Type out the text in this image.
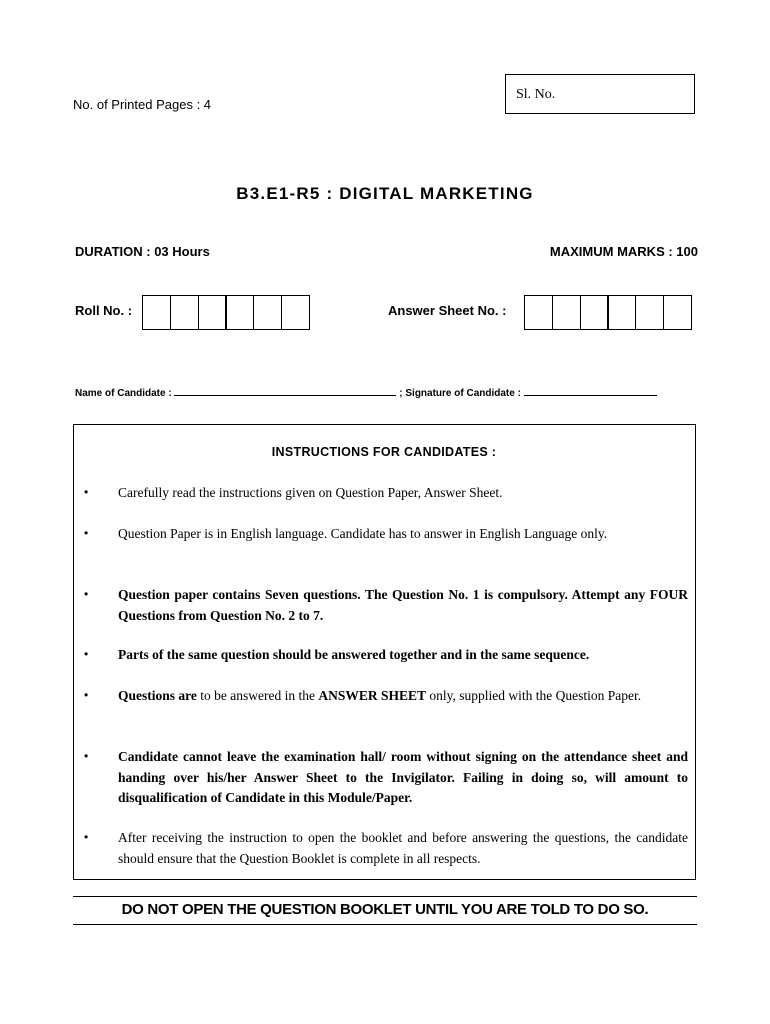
No. of Printed Pages : 4
Sl. No.
B3.E1-R5 : DIGITAL MARKETING
DURATION : 03 Hours	MAXIMUM MARKS : 100
Roll No. :	Answer Sheet No. :
Name of Candidate :	; Signature of Candidate :
INSTRUCTIONS FOR CANDIDATES :
• Carefully read the instructions given on Question Paper, Answer Sheet.
• Question Paper is in English language. Candidate has to answer in English Language only.
• Question paper contains Seven questions. The Question No. 1 is compulsory. Attempt any FOUR Questions from Question No. 2 to 7.
• Parts of the same question should be answered together and in the same sequence.
• Questions are to be answered in the ANSWER SHEET only, supplied with the Question Paper.
• Candidate cannot leave the examination hall/ room without signing on the attendance sheet and handing over his/her Answer Sheet to the Invigilator. Failing in doing so, will amount to disqualification of Candidate in this Module/Paper.
• After receiving the instruction to open the booklet and before answering the questions, the candidate should ensure that the Question Booklet is complete in all respects.
DO NOT OPEN THE QUESTION BOOKLET UNTIL YOU ARE TOLD TO DO SO.
